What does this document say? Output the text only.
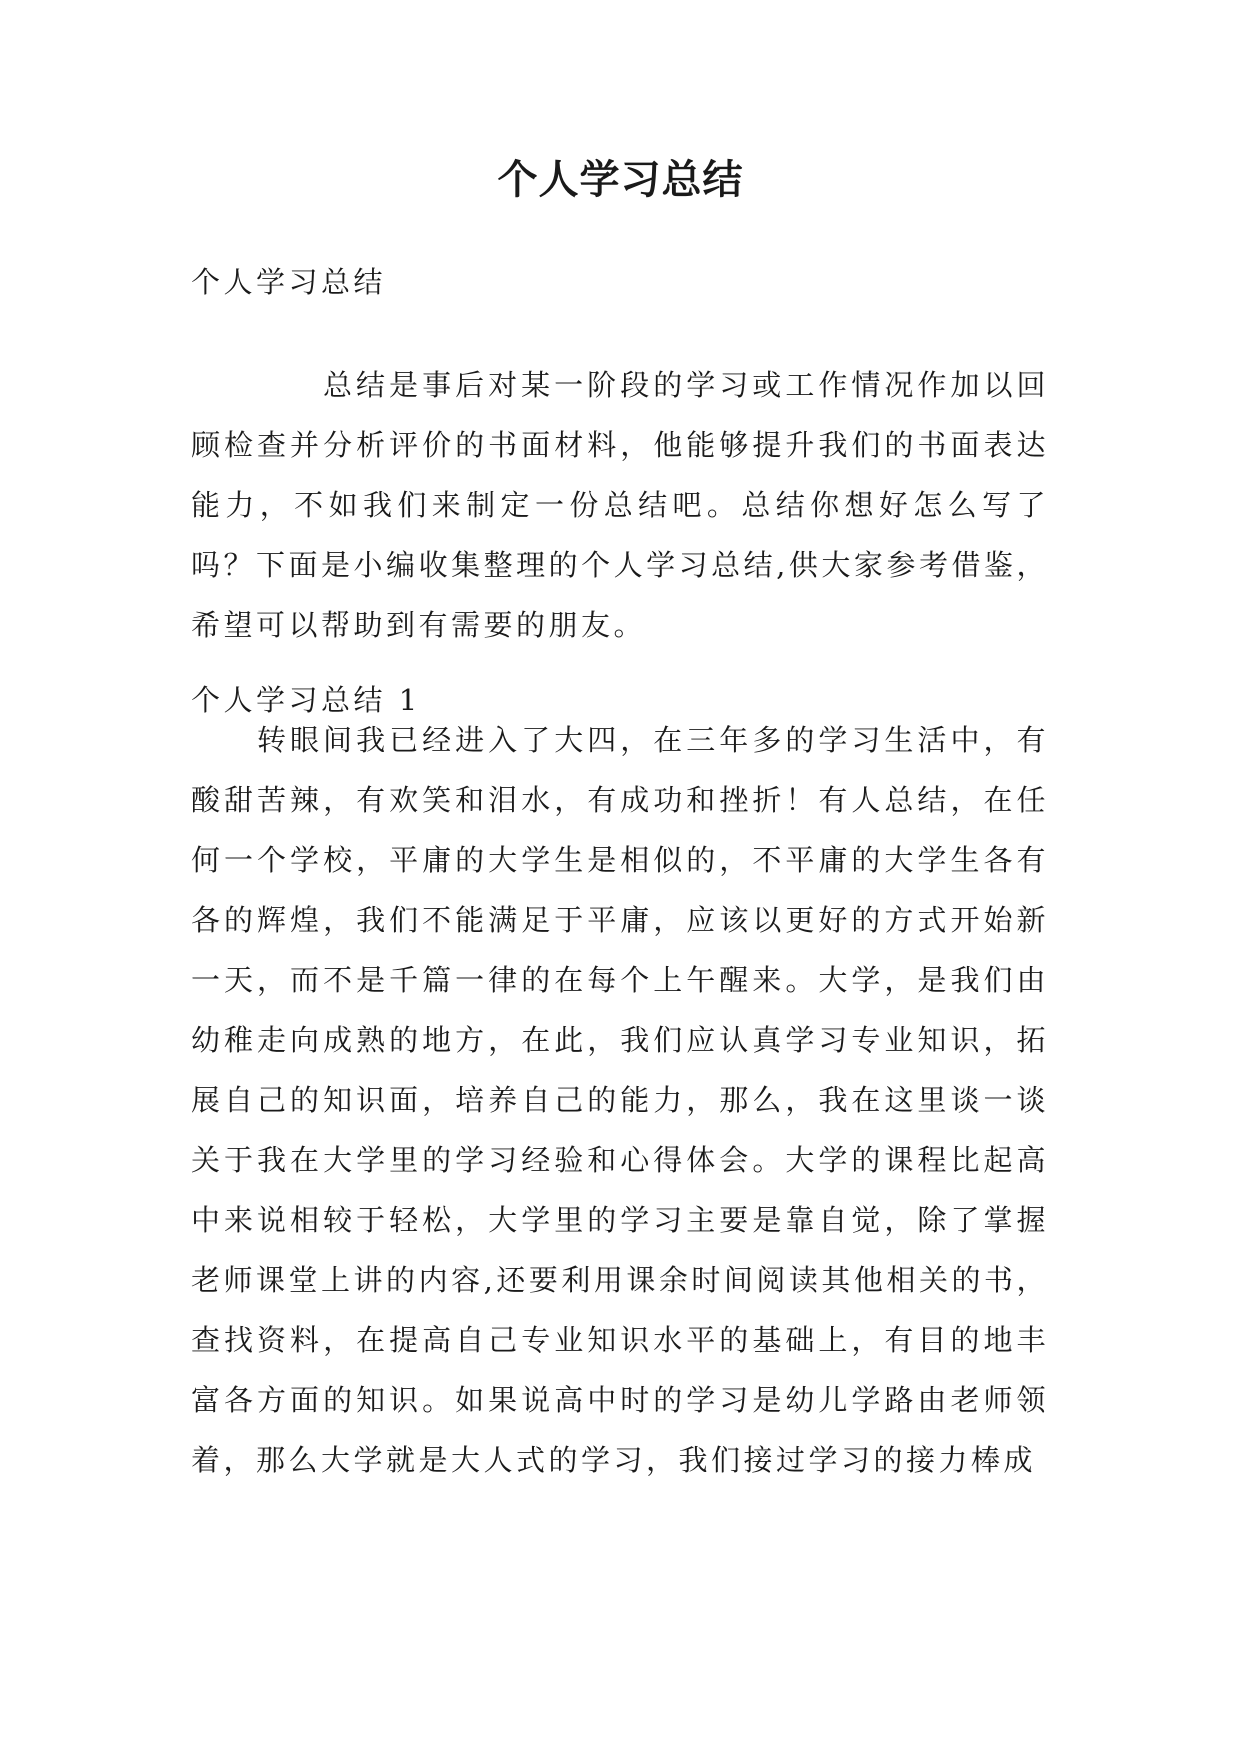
个人学习总结
个人学习总结

总结是事后对某一阶段的学习或工作情况作加以回顾检查并分析评价的书面材料，他能够提升我们的书面表达能力，不如我们来制定一份总结吧。总结你想好怎么写了吗？下面是小编收集整理的个人学习总结,供大家参考借鉴，希望可以帮助到有需要的朋友。

个人学习总结 1

转眼间我已经进入了大四，在三年多的学习生活中，有酸甜苦辣，有欢笑和泪水，有成功和挫折！有人总结，在任何一个学校，平庸的大学生是相似的，不平庸的大学生各有各的辉煌，我们不能满足于平庸，应该以更好的方式开始新一天，而不是千篇一律的在每个上午醒来。大学，是我们由幼稚走向成熟的地方，在此，我们应认真学习专业知识，拓展自己的知识面，培养自己的能力，那么，我在这里谈一谈关于我在大学里的学习经验和心得体会。大学的课程比起高中来说相较于轻松，大学里的学习主要是靠自觉，除了掌握老师课堂上讲的内容,还要利用课余时间阅读其他相关的书，查找资料，在提高自己专业知识水平的基础上，有目的地丰富各方面的知识。如果说高中时的学习是幼儿学路由老师领着，那么大学就是大人式的学习，我们接过学习的接力棒成
